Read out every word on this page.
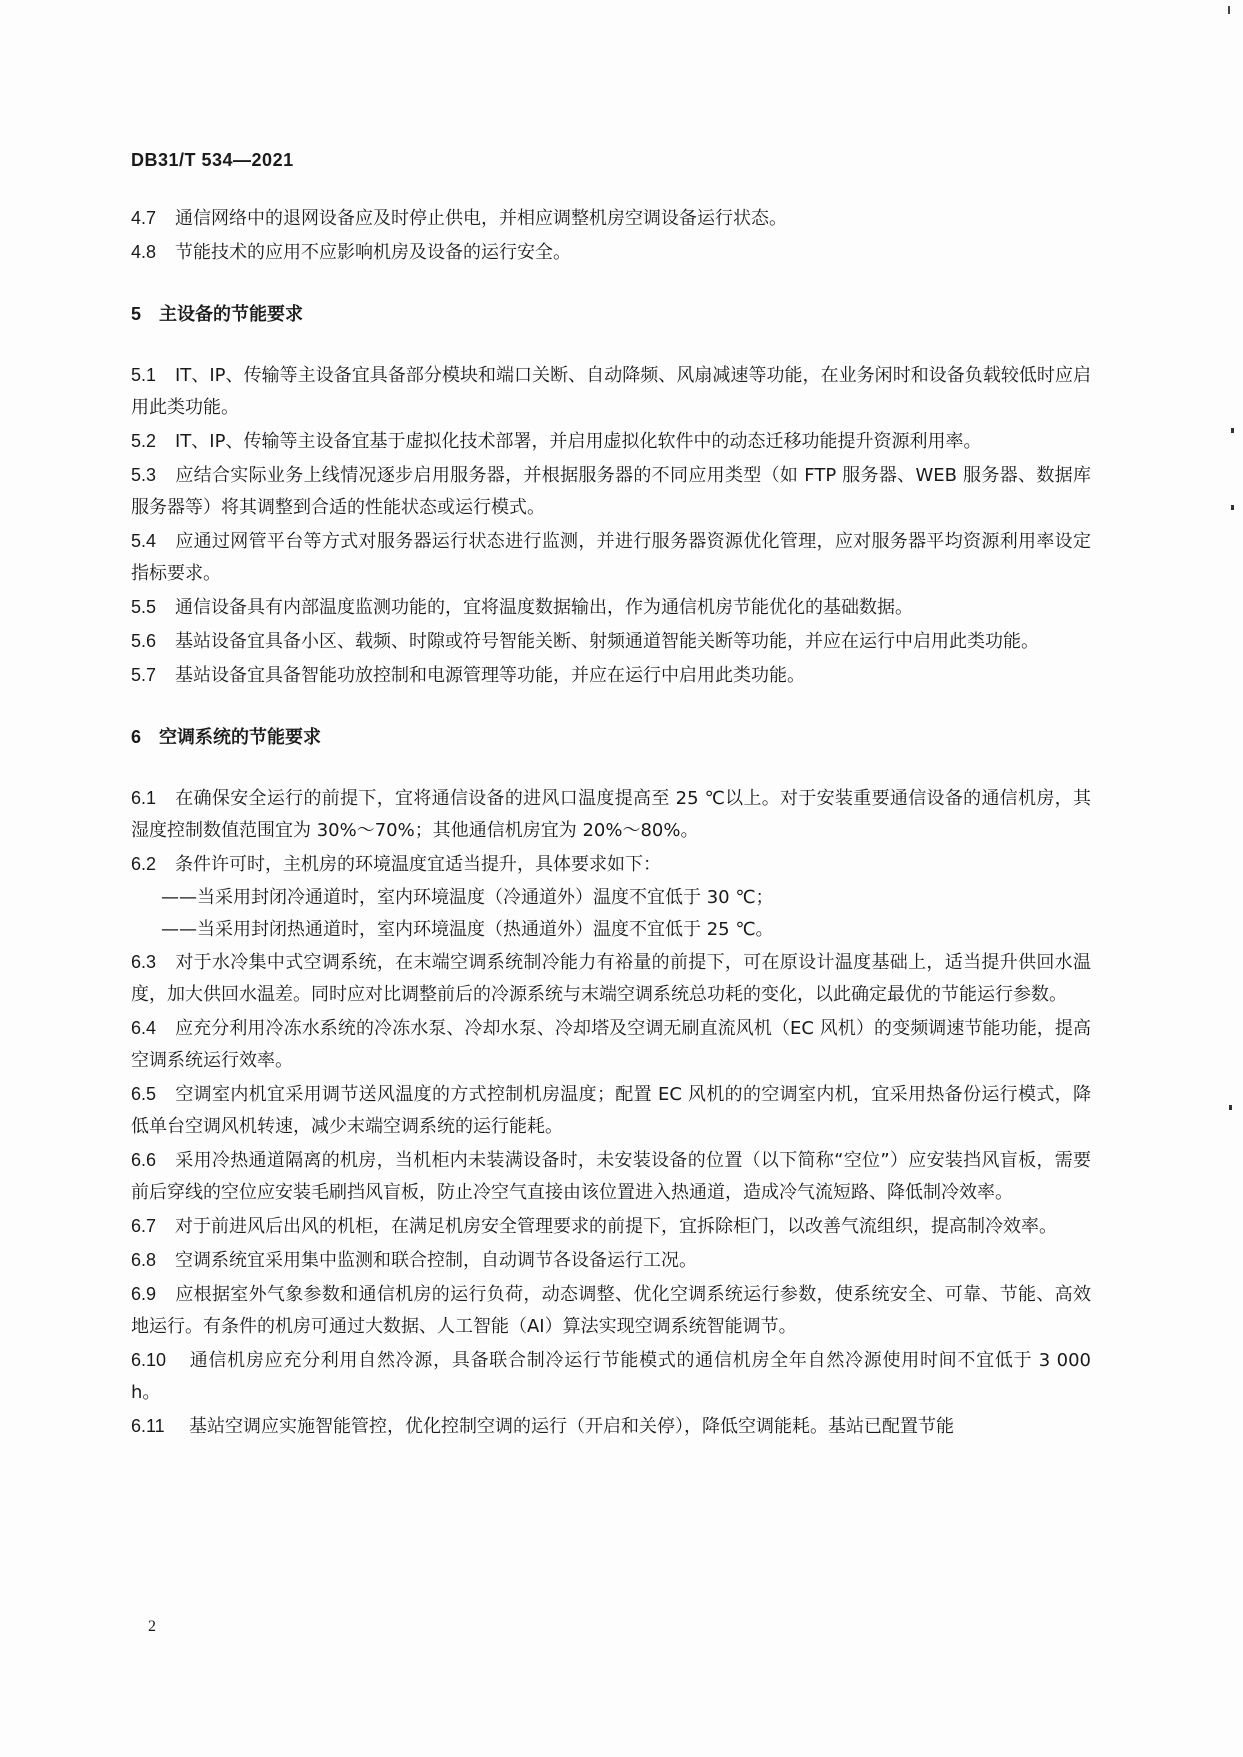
DB31/T 534—2021

4.7 通信网络中的退网设备应及时停止供电，并相应调整机房空调设备运行状态。

4.8 节能技术的应用不应影响机房及设备的运行安全。

5 主设备的节能要求

5.1 IT、IP、传输等主设备宜具备部分模块和端口关断、自动降频、风扇减速等功能，在业务闲时和设备负载较低时应启用此类功能。

5.2 IT、IP、传输等主设备宜基于虚拟化技术部署，并启用虚拟化软件中的动态迁移功能提升资源利用率。

5.3 应结合实际业务上线情况逐步启用服务器，并根据服务器的不同应用类型（如 FTP 服务器、WEB 服务器、数据库服务器等）将其调整到合适的性能状态或运行模式。

5.4 应通过网管平台等方式对服务器运行状态进行监测，并进行服务器资源优化管理，应对服务器平均资源利用率设定指标要求。

5.5 通信设备具有内部温度监测功能的，宜将温度数据输出，作为通信机房节能优化的基础数据。

5.6 基站设备宜具备小区、载频、时隙或符号智能关断、射频通道智能关断等功能，并应在运行中启用此类功能。

5.7 基站设备宜具备智能功放控制和电源管理等功能，并应在运行中启用此类功能。

6 空调系统的节能要求

6.1 在确保安全运行的前提下，宜将通信设备的进风口温度提高至 25 ℃以上。对于安装重要通信设备的通信机房，其湿度控制数值范围宜为 30%～70%；其他通信机房宜为 20%～80%。

6.2 条件许可时，主机房的环境温度宜适当提升，具体要求如下：

——当采用封闭冷通道时，室内环境温度（冷通道外）温度不宜低于 30 ℃；

——当采用封闭热通道时，室内环境温度（热通道外）温度不宜低于 25 ℃。

6.3 对于水冷集中式空调系统，在末端空调系统制冷能力有裕量的前提下，可在原设计温度基础上，适当提升供回水温度，加大供回水温差。同时应对比调整前后的冷源系统与末端空调系统总功耗的变化，以此确定最优的节能运行参数。

6.4 应充分利用冷冻水系统的冷冻水泵、冷却水泵、冷却塔及空调无刷直流风机（EC 风机）的变频调速节能功能，提高空调系统运行效率。

6.5 空调室内机宜采用调节送风温度的方式控制机房温度；配置 EC 风机的的空调室内机，宜采用热备份运行模式，降低单台空调风机转速，减少末端空调系统的运行能耗。

6.6 采用冷热通道隔离的机房，当机柜内未装满设备时，未安装设备的位置（以下简称“空位”）应安装挡风盲板，需要前后穿线的空位应安装毛刷挡风盲板，防止冷空气直接由该位置进入热通道，造成冷气流短路、降低制冷效率。

6.7 对于前进风后出风的机柜，在满足机房安全管理要求的前提下，宜拆除柜门，以改善气流组织，提高制冷效率。

6.8 空调系统宜采用集中监测和联合控制，自动调节各设备运行工况。

6.9 应根据室外气象参数和通信机房的运行负荷，动态调整、优化空调系统运行参数，使系统安全、可靠、节能、高效地运行。有条件的机房可通过大数据、人工智能（AI）算法实现空调系统智能调节。

6.10 通信机房应充分利用自然冷源，具备联合制冷运行节能模式的通信机房全年自然冷源使用时间不宜低于 3 000 h。

6.11 基站空调应实施智能管控，优化控制空调的运行（开启和关停），降低空调能耗。基站已配置节能

2
